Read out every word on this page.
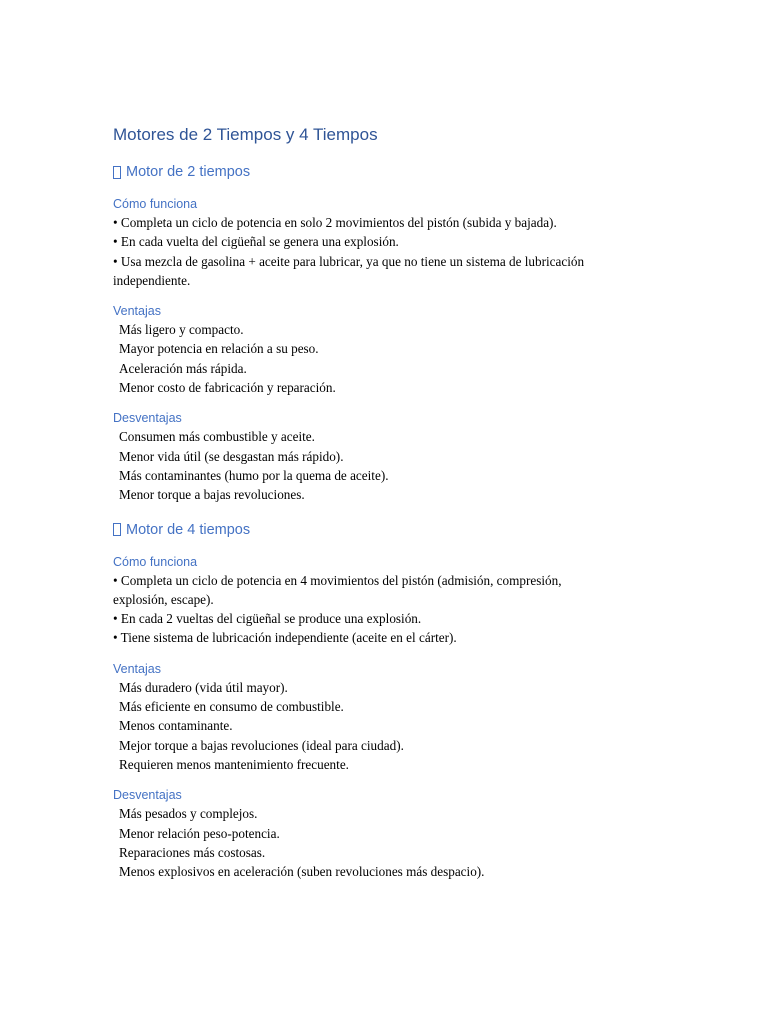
Motores de 2 Tiempos y 4 Tiempos
Motor de 2 tiempos

Cómo funciona

• Completa un ciclo de potencia en solo 2 movimientos del pistón (subida y bajada).

• En cada vuelta del cigüeñal se genera una explosión.

• Usa mezcla de gasolina + aceite para lubricar, ya que no tiene un sistema de lubricación

independiente.

Ventajas

Más ligero y compacto.

Mayor potencia en relación a su peso.

Aceleración más rápida.

Menor costo de fabricación y reparación.

Desventajas

Consumen más combustible y aceite.

Menor vida útil (se desgastan más rápido).

Más contaminantes (humo por la quema de aceite).

Menor torque a bajas revoluciones.

Motor de 4 tiempos

Cómo funciona

• Completa un ciclo de potencia en 4 movimientos del pistón (admisión, compresión,

explosión, escape).

• En cada 2 vueltas del cigüeñal se produce una explosión.

• Tiene sistema de lubricación independiente (aceite en el cárter).

Ventajas

Más duradero (vida útil mayor).

Más eficiente en consumo de combustible.

Menos contaminante.

Mejor torque a bajas revoluciones (ideal para ciudad).

Requieren menos mantenimiento frecuente.

Desventajas

Más pesados y complejos.

Menor relación peso-potencia.

Reparaciones más costosas.

Menos explosivos en aceleración (suben revoluciones más despacio).
